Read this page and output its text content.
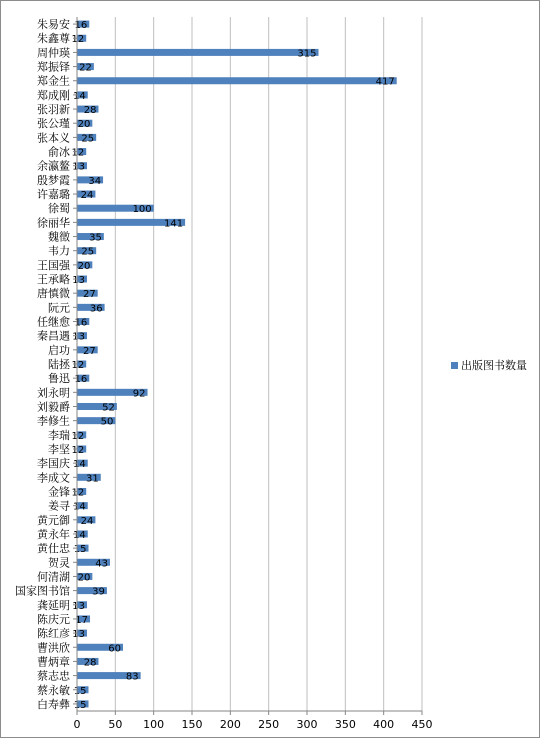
16
12
315
22
417
14
28
20
25
12
13
34
24
100
141
35
25
20
13
27
36
16
13
27
12
16
92
52
50
12
12
14
31
12
14
24
14
15
43
20
39
13
17
13
60
28
83
15
15
朱易安
朱鑫尊
周仲瑛
郑振铎
郑金生
郑成刚
张羽新
张公瑾
张本义
俞冰
余瀛鳌
殷梦霞
许嘉璐
徐蜀
徐丽华
魏徵
韦力
王国强
王承略
唐慎微
阮元
任继愈
秦昌遇
启功
陆拯
鲁迅
刘永明
刘毅爵
李修生
李瑞
李坚
李国庆
李成文
金锋
姜寻
黄元御
黄永年
黄仕忠
贺灵
何清湖
国家图书馆
龚延明
陈庆元
陈红彦
曹洪欣
曹炳章
蔡志忠
蔡永敏
白寿彝
0	50 100 150 200 250 300 350 400 450
出版图书数量
